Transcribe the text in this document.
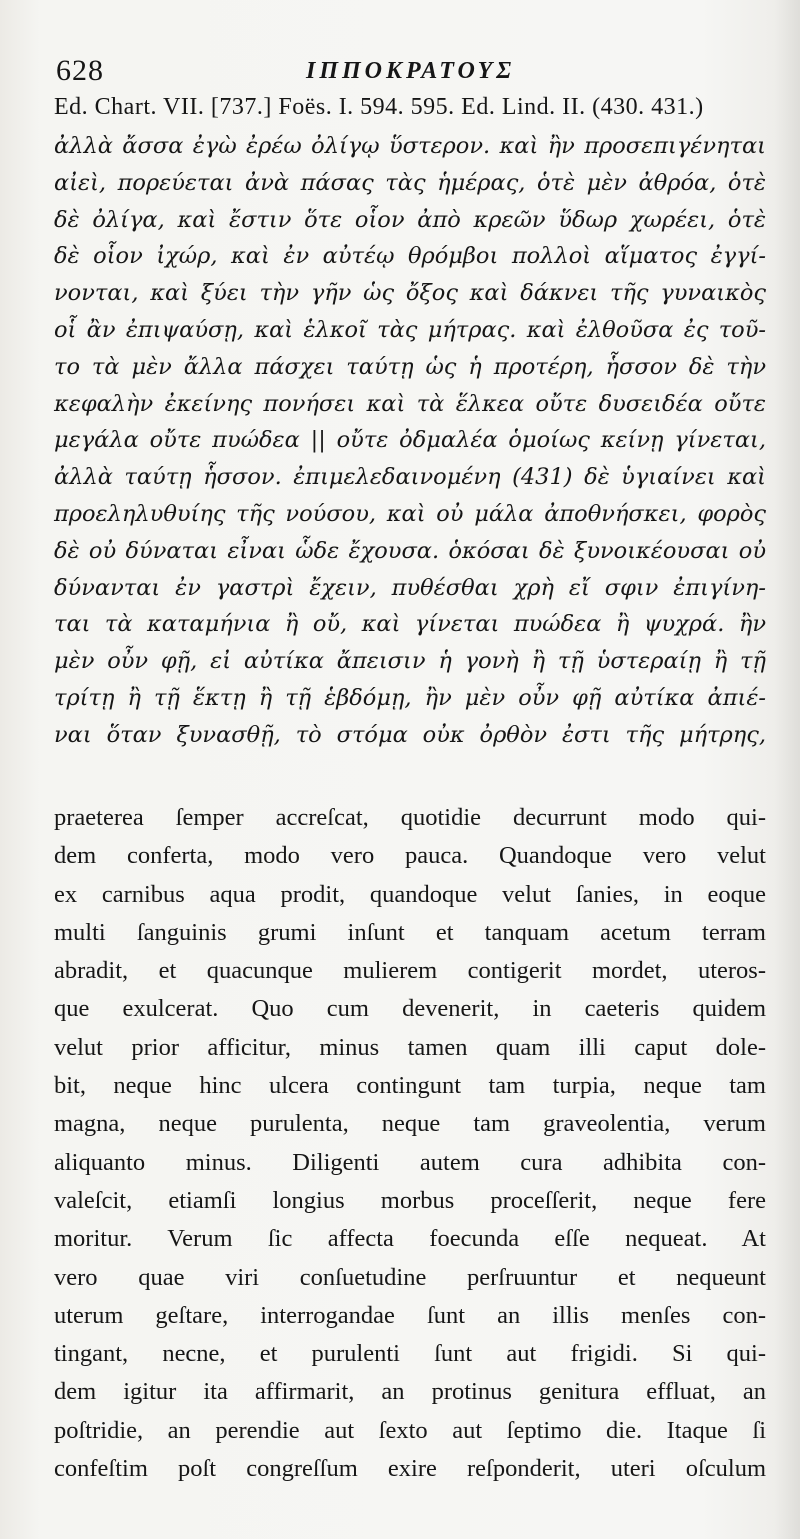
628	ΙΠΠΟΚΡΑΤΟΥΣ
Ed. Chart. VII. [737.] Foës. I. 594. 595. Ed. Lind. II. (430. 431.)
ἀλλὰ ἄσσα ἐγὼ ἐρέω ὀλίγῳ ὕστερον. καὶ ἢν προσεπιγένηται
αἰεὶ, πορεύεται ἀνὰ πάσας τὰς ἡμέρας, ὁτὲ μὲν ἀθρόα, ὁτὲ
δὲ ὀλίγα, καὶ ἔστιν ὅτε οἷον ἀπὸ κρεῶν ὕδωρ χωρέει, ὁτὲ
δὲ οἷον ἰχώρ, καὶ ἐν αὐτέῳ θρόμβοι πολλοὶ αἵματος ἐγγί-
νονται, καὶ ξύει τὴν γῆν ὡς ὄξος καὶ δάκνει τῆς γυναικὸς
οἷ ἂν ἐπιψαύσῃ, καὶ ἑλκοῖ τὰς μήτρας. καὶ ἐλθοῦσα ἐς τοῦ-
το τὰ μὲν ἄλλα πάσχει ταύτῃ ὡς ἡ προτέρη, ἧσσον δὲ τὴν
κεφαλὴν ἐκείνης πονήσει καὶ τὰ ἕλκεα οὔτε δυσειδέα οὔτε
μεγάλα οὔτε πυώδεα || οὔτε ὀδμαλέα ὁμοίως κείνῃ γίνεται,
ἀλλὰ ταύτῃ ἧσσον. ἐπιμελεδαινομένη (431) δὲ ὑγιαίνει καὶ
προεληλυθυίης τῆς νούσου, καὶ οὐ μάλα ἀποθνήσκει, φορὸς
δὲ οὐ δύναται εἶναι ὧδε ἔχουσα. ὁκόσαι δὲ ξυνοικέουσαι οὐ
δύνανται ἐν γαστρὶ ἔχειν, πυθέσθαι χρὴ εἴ σφιν ἐπιγίνη-
ται τὰ καταμήνια ἢ οὔ, καὶ γίνεται πυώδεα ἢ ψυχρά. ἢν
μὲν οὖν φῇ, εἰ αὐτίκα ἄπεισιν ἡ γονὴ ἢ τῇ ὑστεραίῃ ἢ τῇ
τρίτῃ ἢ τῇ ἕκτῃ ἢ τῇ ἑβδόμῃ, ἢν μὲν οὖν φῇ αὐτίκα ἀπιέ-
ναι ὅταν ξυνασθῇ, τὸ στόμα οὐκ ὀρθὸν ἐστι τῆς μήτρης,
praeterea ſemper accreſcat, quotidie decurrunt modo qui-
dem conferta, modo vero pauca. Quandoque vero velut
ex carnibus aqua prodit, quandoque velut ſanies, in eoque
multi ſanguinis grumi inſunt et tanquam acetum terram
abradit, et quacunque mulierem contigerit mordet, uteros-
que exulcerat. Quo cum devenerit, in caeteris quidem
velut prior afficitur, minus tamen quam illi caput dole-
bit, neque hinc ulcera contingunt tam turpia, neque tam
magna, neque purulenta, neque tam graveolentia, verum
aliquanto minus. Diligenti autem cura adhibita con-
valeſcit, etiamſi longius morbus proceſſerit, neque fere
moritur. Verum ſic affecta foecunda eſſe nequeat. At
vero quae viri conſuetudine perſruuntur et nequeunt
uterum geſtare, interrogandae ſunt an illis menſes con-
tingant, necne, et purulenti ſunt aut frigidi. Si qui-
dem igitur ita affirmarit, an protinus genitura effluat, an
poſtridie, an perendie aut ſexto aut ſeptimo die. Itaque ſi
confeſtim poſt congreſſum exire reſponderit, uteri oſculum
